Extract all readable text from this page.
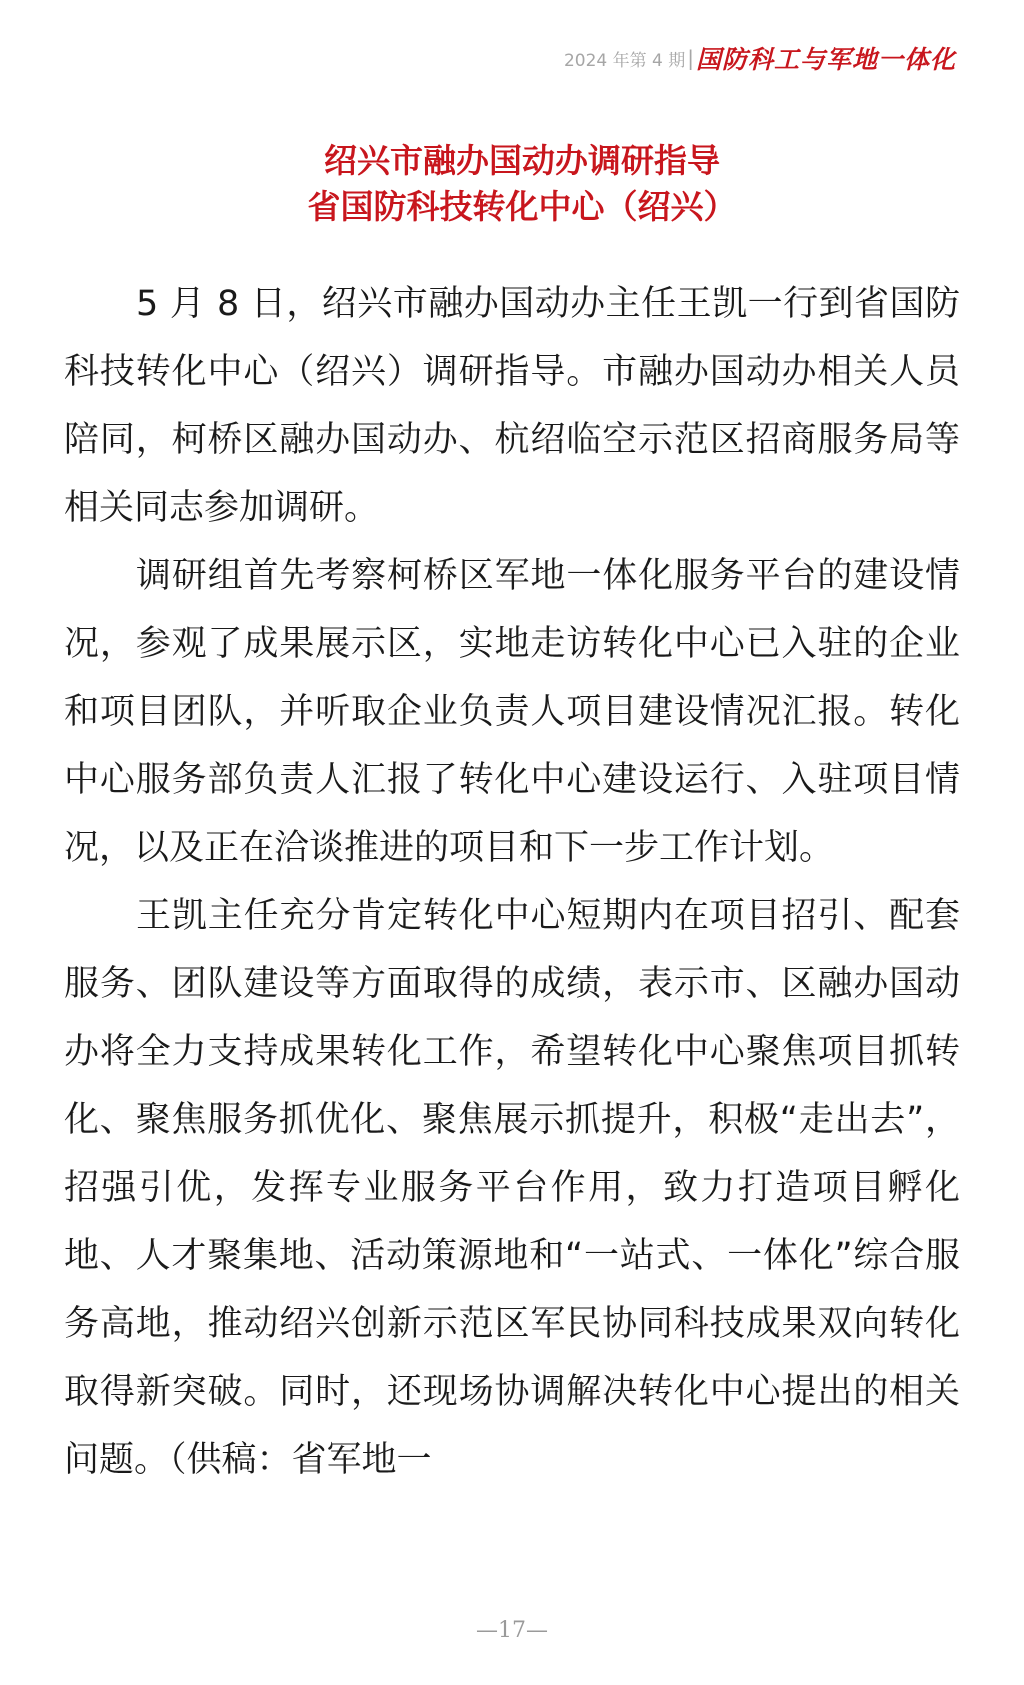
2024 年第 4 期 | 国防科工与军地一体化
绍兴市融办国动办调研指导
省国防科技转化中心（绍兴）

5 月 8 日，绍兴市融办国动办主任王凯一行到省国防科技转化中心（绍兴）调研指导。市融办国动办相关人员陪同，柯桥区融办国动办、杭绍临空示范区招商服务局等相关同志参加调研。

调研组首先考察柯桥区军地一体化服务平台的建设情况，参观了成果展示区，实地走访转化中心已入驻的企业和项目团队，并听取企业负责人项目建设情况汇报。转化中心服务部负责人汇报了转化中心建设运行、入驻项目情况，以及正在洽谈推进的项目和下一步工作计划。

王凯主任充分肯定转化中心短期内在项目招引、配套服务、团队建设等方面取得的成绩，表示市、区融办国动办将全力支持成果转化工作，希望转化中心聚焦项目抓转化、聚焦服务抓优化、聚焦展示抓提升，积极“走出去”，招强引优，发挥专业服务平台作用，致力打造项目孵化地、人才聚集地、活动策源地和“一站式、一体化”综合服务高地，推动绍兴创新示范区军民协同科技成果双向转化取得新突破。同时，还现场协调解决转化中心提出的相关问题。（供稿：省军地一

—17—
